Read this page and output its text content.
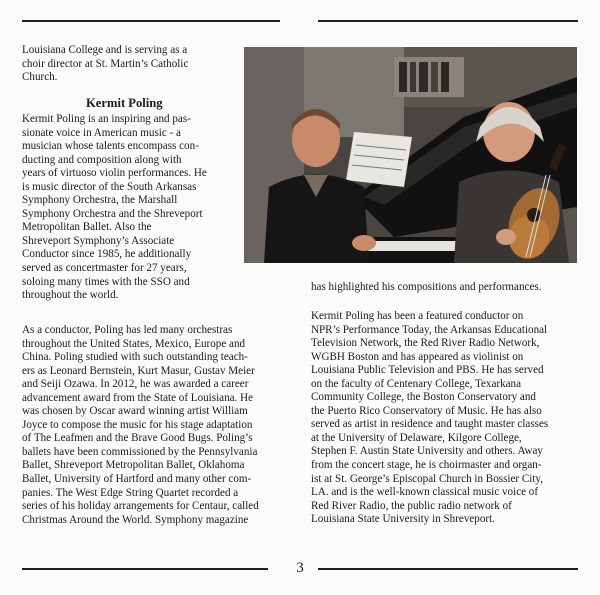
Louisiana College and is serving as a
choir director at St. Martin’s Catholic
Church.
Kermit Poling
Kermit Poling is an inspiring and pas-
sionate voice in American music - a
musician whose talents encompass con-
ducting and composition along with
years of virtuoso violin performances. He
is music director of the South Arkansas
Symphony Orchestra, the Marshall
Symphony Orchestra and the Shreveport
Metropolitan Ballet. Also the
Shreveport Symphony’s Associate
Conductor since 1985, he additionally
served as concertmaster for 27 years,
soloing many times with the SSO and
throughout the world.
As a conductor, Poling has led many orchestras
throughout the United States, Mexico, Europe and
China. Poling studied with such outstanding teach-
ers as Leonard Bernstein, Kurt Masur, Gustav Meier
and Seiji Ozawa. In 2012, he was awarded a career
advancement award from the State of Louisiana. He
was chosen by Oscar award winning artist William
Joyce to compose the music for his stage adaptation
of The Leafmen and the Brave Good Bugs. Poling’s
ballets have been commissioned by the Pennsylvania
Ballet, Shreveport Metropolitan Ballet, Oklahoma
Ballet, University of Hartford and many other com-
panies. The West Edge String Quartet recorded a
series of his holiday arrangements for Centaur, called
Christmas Around the World. Symphony magazine
has highlighted his compositions and performances.
Kermit Poling has been a featured conductor on
NPR’s Performance Today, the Arkansas Educational
Television Network, the Red River Radio Network,
WGBH Boston and has appeared as violinist on
Louisiana Public Television and PBS. He has served
on the faculty of Centenary College, Texarkana
Community College, the Boston Conservatory and
the Puerto Rico Conservatory of Music. He has also
served as artist in residence and taught master classes
at the University of Delaware, Kilgore College,
Stephen F. Austin State University and others. Away
from the concert stage, he is choirmaster and organ-
ist at St. George’s Episcopal Church in Bossier City,
LA. and is the well-known classical music voice of
Red River Radio, the public radio network of
Louisiana State University in Shreveport.
3
